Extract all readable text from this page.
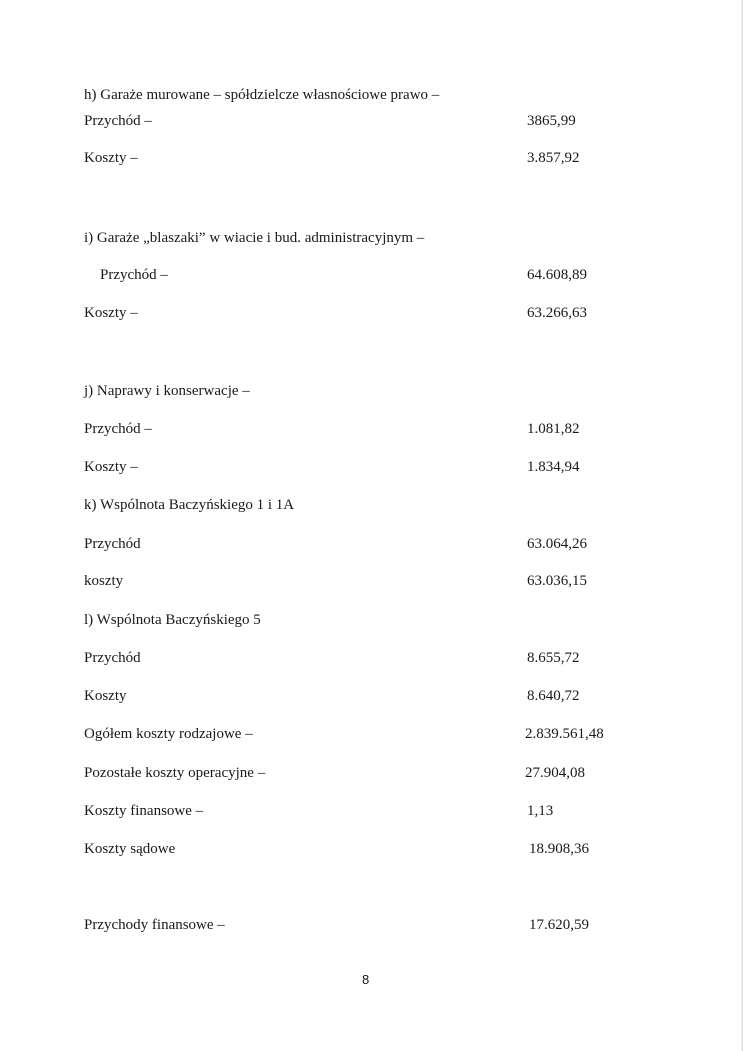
h) Garaże murowane – spółdzielcze własnościowe prawo –
Przychód –	3865,99
Koszty –	3.857,92
i) Garaże „blaszaki” w wiacie i bud. administracyjnym –
Przychód –	64.608,89
Koszty –	63.266,63
j) Naprawy i konserwacje –
Przychód –	1.081,82
Koszty –	1.834,94
k) Wspólnota Baczyńskiego 1 i 1A
Przychód	63.064,26
koszty	63.036,15
l) Wspólnota Baczyńskiego 5
Przychód	8.655,72
Koszty	8.640,72
Ogółem koszty rodzajowe –	2.839.561,48
Pozostałe koszty operacyjne –	27.904,08
Koszty finansowe –	1,13
Koszty sądowe	18.908,36
Przychody finansowe –	17.620,59
8
